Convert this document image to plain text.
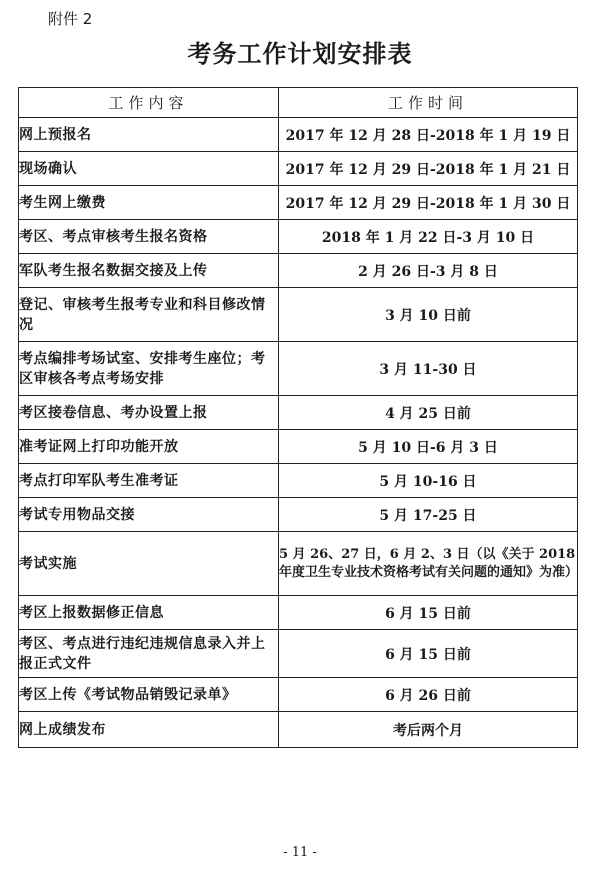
附件 2
考务工作计划安排表
工作内容	工作时间
网上预报名	2017 年 12 月 28 日-2018 年 1 月 19 日
现场确认	2017 年 12 月 29 日-2018 年 1 月 21 日
考生网上缴费	2017 年 12 月 29 日-2018 年 1 月 30 日
考区、考点审核考生报名资格	2018 年 1 月 22 日-3 月 10 日
军队考生报名数据交接及上传	2 月 26 日-3 月 8 日
登记、审核考生报考专业和科目修改情况	3 月 10 日前
考点编排考场试室、安排考生座位；考区审核各考点考场安排	3 月 11-30 日
考区接卷信息、考办设置上报	4 月 25 日前
准考证网上打印功能开放	5 月 10 日-6 月 3 日
考点打印军队考生准考证	5 月 10-16 日
考试专用物品交接	5 月 17-25 日
考试实施	5 月 26、27 日，6 月 2、3 日（以《关于 2018 年度卫生专业技术资格考试有关问题的通知》为准）
考区上报数据修正信息	6 月 15 日前
考区、考点进行违纪违规信息录入并上报正式文件	6 月 15 日前
考区上传《考试物品销毁记录单》	6 月 26 日前
网上成绩发布	考后两个月
- 11 -
